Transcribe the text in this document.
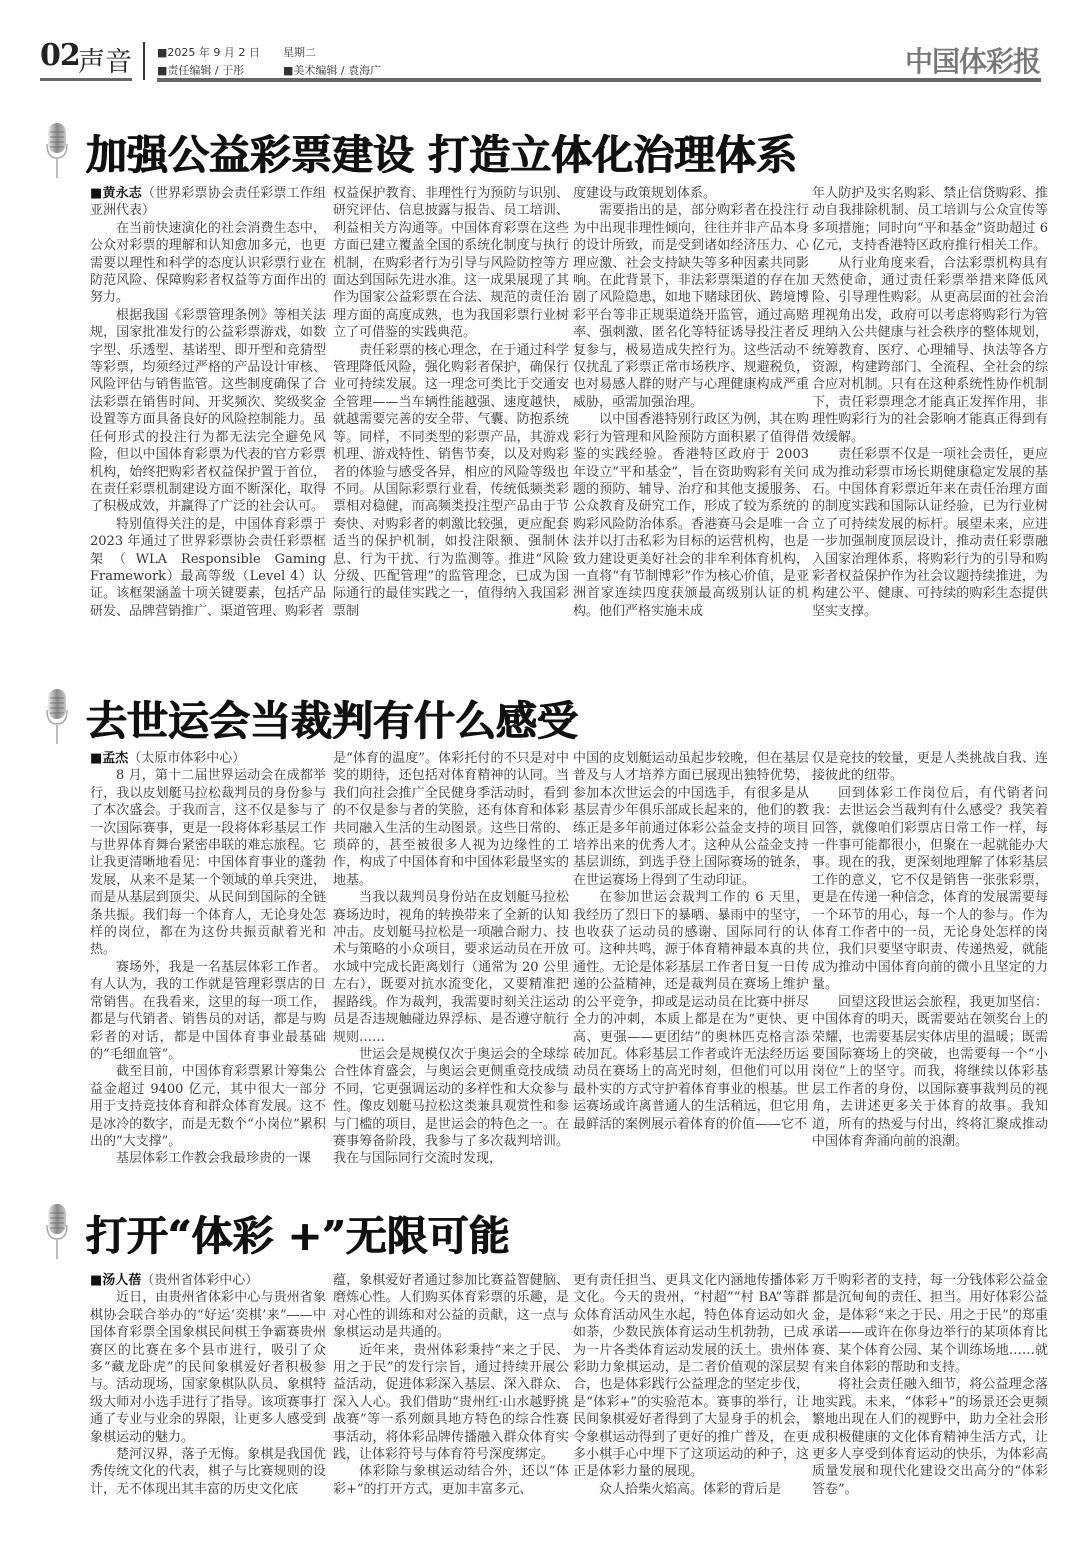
02
声音 ■2025 年 9 月 2 日 星期二
■责任编辑 / 于彤	■美术编辑 / 袁海广	中国体彩报
加强公益彩票建设 打造立体化治理体系

■黄永志（世界彩票协会责任彩票工作组亚洲代表）

在当前快速演化的社会消费生态中，公众对彩票的理解和认知愈加多元，也更需要以理性和科学的态度认识彩票行业在防范风险、保障购彩者权益等方面作出的努力。

根据我国《彩票管理条例》等相关法规，国家批准发行的公益彩票游戏，如数字型、乐透型、基诺型、即开型和竞猜型等彩票，均须经过严格的产品设计审核、风险评估与销售监管。这些制度确保了合法彩票在销售时间、开奖频次、奖级奖金设置等方面具备良好的风险控制能力。虽任何形式的投注行为都无法完全避免风险，但以中国体育彩票为代表的官方彩票机构，始终把购彩者权益保护置于首位，在责任彩票机制建设方面不断深化，取得了积极成效，并赢得了广泛的社会认可。

特别值得关注的是，中国体育彩票于 2023 年通过了世界彩票协会责任彩票框架（WLA Responsible Gaming Framework）最高等级（Level 4）认证。该框架涵盖十项关键要素，包括产品研发、品牌营销推广、渠道管理、购彩者

权益保护教育、非理性行为预防与识别、研究评估、信息披露与报告、员工培训、利益相关方沟通等。中国体育彩票在这些方面已建立覆盖全国的系统化制度与执行机制，在购彩者行为引导与风险防控等方面达到国际先进水准。这一成果展现了其作为国家公益彩票在合法、规范的责任治理方面的高度成熟，也为我国彩票行业树立了可借鉴的实践典范。

责任彩票的核心理念，在于通过科学管理降低风险，强化购彩者保护，确保行业可持续发展。这一理念可类比于交通安全管理——当车辆性能越强、速度越快，就越需要完善的安全带、气囊、防抱系统等。同样，不同类型的彩票产品，其游戏机理、游戏特性、销售节奏，以及对购彩者的体验与感受各异，相应的风险等级也不同。从国际彩票行业看，传统低频类彩票相对稳健，而高频类投注型产品由于节奏快、对购彩者的刺激比较强，更应配套适当的保护机制，如投注限额、强制休息、行为干扰、行为监测等。推进“风险分级、匹配管理”的监管理念，已成为国际通行的最佳实践之一，值得纳入我国彩票制

度建设与政策规划体系。

需要指出的是，部分购彩者在投注行为中出现非理性倾向，往往并非产品本身的设计所致，而是受到诸如经济压力、心理应激、社会支持缺失等多种因素共同影响。在此背景下，非法彩票渠道的存在加剧了风险隐患，如地下赌球团伙、跨境博彩平台等非正规渠道绕开监管，通过高赔率、强刺激、匿名化等特征诱导投注者反复参与，极易造成失控行为。这些活动不仅扰乱了彩票正常市场秩序、规避税负，也对易感人群的财产与心理健康构成严重威胁，亟需加强治理。

以中国香港特别行政区为例，其在购彩行为管理和风险预防方面积累了值得借鉴的实践经验。香港特区政府于 2003 年设立“平和基金”，旨在资助购彩有关问题的预防、辅导、治疗和其他支援服务、公众教育及研究工作，形成了较为系统的购彩风险防治体系。香港赛马会是唯一合法并以打击私彩为目标的运营机构，也是致力建设更美好社会的非牟利体育机构，一直将“有节制博彩”作为核心价值，是亚洲首家连续四度获颁最高级别认证的机构。他们严格实施未成

年人防护及实名购彩、禁止信贷购彩、推动自我排除机制、员工培训与公众宣传等多项措施；同时向“平和基金”资助超过 6 亿元，支持香港特区政府推行相关工作。

从行业角度来看，合法彩票机构具有天然使命，通过责任彩票举措来降低风险、引导理性购彩。从更高层面的社会治理视角出发，政府可以考虑将购彩行为管理纳入公共健康与社会秩序的整体规划，统筹教育、医疗、心理辅导、执法等各方资源，构建跨部门、全流程、全社会的综合应对机制。只有在这种系统性协作机制下，责任彩票理念才能真正发挥作用，非理性购彩行为的社会影响才能真正得到有效缓解。

责任彩票不仅是一项社会责任，更应成为推动彩票市场长期健康稳定发展的基石。中国体育彩票近年来在责任治理方面的制度实践和国际认证经验，已为行业树立了可持续发展的标杆。展望未来，应进一步加强制度顶层设计，推动责任彩票融入国家治理体系，将购彩行为的引导和购彩者权益保护作为社会议题持续推进，为构建公平、健康、可持续的购彩生态提供坚实支撑。

去世运会当裁判有什么感受

■孟杰（太原市体彩中心）

8 月，第十二届世界运动会在成都举行，我以皮划艇马拉松裁判员的身份参与了本次盛会。于我而言，这不仅是参与了一次国际赛事，更是一段将体彩基层工作与世界体育舞台紧密串联的难忘旅程。它让我更清晰地看见：中国体育事业的蓬勃发展，从来不是某一个领域的单兵突进，而是从基层到顶尖、从民间到国际的全链条共振。我们每一个体育人，无论身处怎样的岗位，都在为这份共振贡献着光和热。

赛场外，我是一名基层体彩工作者。有人认为，我的工作就是管理彩票店的日常销售。在我看来，这里的每一项工作，都是与代销者、销售员的对话，都是与购彩者的对话，都是中国体育事业最基础的“毛细血管”。

截至目前，中国体育彩票累计筹集公益金超过 9400 亿元，其中很大一部分用于支持竞技体育和群众体育发展。这不是冰冷的数字，而是无数个“小岗位”累积出的“大支撑”。

基层体彩工作教会我最珍贵的一课

是“体育的温度”。体彩托付的不只是对中奖的期待，还包括对体育精神的认同。当我们向社会推广全民健身季活动时，看到的不仅是参与者的笑脸，还有体育和体彩共同融入生活的生动图景。这些日常的、琐碎的，甚至被很多人视为边缘性的工作，构成了中国体育和中国体彩最坚实的地基。

当我以裁判员身份站在皮划艇马拉松赛场边时，视角的转换带来了全新的认知冲击。皮划艇马拉松是一项融合耐力、技术与策略的小众项目，要求运动员在开放水域中完成长距离划行（通常为 20 公里左右），既要对抗水流变化，又要精准把握路线。作为裁判，我需要时刻关注运动员是否违规触碰边界浮标、是否遵守航行规则……

世运会是规模仅次于奥运会的全球综合性体育盛会，与奥运会更侧重竞技成绩不同，它更强调运动的多样性和大众参与性。像皮划艇马拉松这类兼具观赏性和参与门槛的项目，是世运会的特色之一。在赛事筹备阶段，我参与了多次裁判培训。我在与国际同行交流时发现，

中国的皮划艇运动虽起步较晚，但在基层普及与人才培养方面已展现出独特优势，参加本次世运会的中国选手，有很多是从基层青少年俱乐部成长起来的，他们的教练正是多年前通过体彩公益金支持的项目培养出来的优秀人才。这种从公益金支持基层训练，到选手登上国际赛场的链条，在世运赛场上得到了生动印证。

在参加世运会裁判工作的 6 天里，我经历了烈日下的暴晒、暴雨中的坚守，也收获了运动员的感谢、国际同行的认可。这种共鸣，源于体育精神最本真的共通性。无论是体彩基层工作者日复一日传递的公益精神，还是裁判员在赛场上维护的公平竞争，抑或是运动员在比赛中拼尽全力的冲刺，本质上都是在为“更快、更高、更强——更团结”的奥林匹克格言添砖加瓦。体彩基层工作者或许无法经历运动员在赛场上的高光时刻，但他们可以用最朴实的方式守护着体育事业的根基。世运赛场或许离普通人的生活稍远，但它用最鲜活的案例展示着体育的价值——它不

仅是竞技的较量，更是人类挑战自我、连接彼此的纽带。

回到体彩工作岗位后，有代销者问我：去世运会当裁判有什么感受？我笑着回答，就像咱们彩票店日常工作一样，每一件事可能都很小，但聚在一起就能办大事。现在的我，更深刻地理解了体彩基层工作的意义，它不仅是销售一张张彩票，更是在传递一种信念，体育的发展需要每一个环节的用心，每一个人的参与。作为体育工作者中的一员，无论身处怎样的岗位，我们只要坚守职责、传递热爱，就能成为推动中国体育向前的微小且坚定的力量。

回望这段世运会旅程，我更加坚信：中国体育的明天，既需要站在领奖台上的荣耀，也需要基层实体店里的温暖；既需要国际赛场上的突破，也需要每一个“小岗位”上的坚守。而我，将继续以体彩基层工作者的身份，以国际赛事裁判员的视角，去讲述更多关于体育的故事。我知道，所有的热爱与付出，终将汇聚成推动中国体育奔涌向前的浪潮。

打开“体彩 +”无限可能

■汤人蓓（贵州省体彩中心）

近日，由贵州省体彩中心与贵州省象棋协会联合举办的“好运‘奕棋’来”——中国体育彩票全国象棋民间棋王争霸赛贵州赛区的比赛在多个县市进行，吸引了众多“藏龙卧虎”的民间象棋爱好者积极参与。活动现场，国家象棋队队员、象棋特级大师对小选手进行了指导。该项赛事打通了专业与业余的界限，让更多人感受到象棋运动的魅力。

楚河汉界，落子无悔。象棋是我国优秀传统文化的代表，棋子与比赛规则的设计，无不体现出其丰富的历史文化底

蕴，象棋爱好者通过参加比赛益智健脑、磨炼心性。人们购买体育彩票的乐趣，是对心性的训练和对公益的贡献，这一点与象棋运动是共通的。

近年来，贵州体彩秉持“来之于民、用之于民”的发行宗旨，通过持续开展公益活动，促进体彩深入基层、深入群众、深入人心。我们借助“贵州红·山水越野挑战赛”等一系列颇具地方特色的综合性赛事活动，将体彩品牌传播融入群众体育实践，让体彩符号与体育符号深度绑定。

体彩除与象棋运动结合外，还以“体彩+”的打开方式，更加丰富多元、

更有责任担当、更具文化内涵地传播体彩文化。今天的贵州，“村超”“村 BA”等群众体育活动风生水起，特色体育运动如火如荼，少数民族体育运动生机勃勃，已成为一片各类体育运动发展的沃土。贵州体彩助力象棋运动，是二者价值观的深层契合，也是体彩践行公益理念的坚定步伐，是“体彩+”的实验范本。赛事的举行，让民间象棋爱好者得到了大显身手的机会，令象棋运动得到了更好的推广普及，在更多小棋手心中埋下了这项运动的种子，这正是体彩力量的展现。

众人拾柴火焰高。体彩的背后是

万千购彩者的支持，每一分钱体彩公益金都是沉甸甸的责任、担当。用好体彩公益金，是体彩“来之于民、用之于民”的郑重承诺——或许在你身边举行的某项体育比赛、某个体育公园、某个训练场地……就有来自体彩的帮助和支持。

将社会责任融入细节，将公益理念落地实践。未来，“体彩+”的场景还会更频繁地出现在人们的视野中，助力全社会形成积极健康的文化体育精神生活方式，让更多人享受到体育运动的快乐，为体彩高质量发展和现代化建设交出高分的“体彩答卷”。
